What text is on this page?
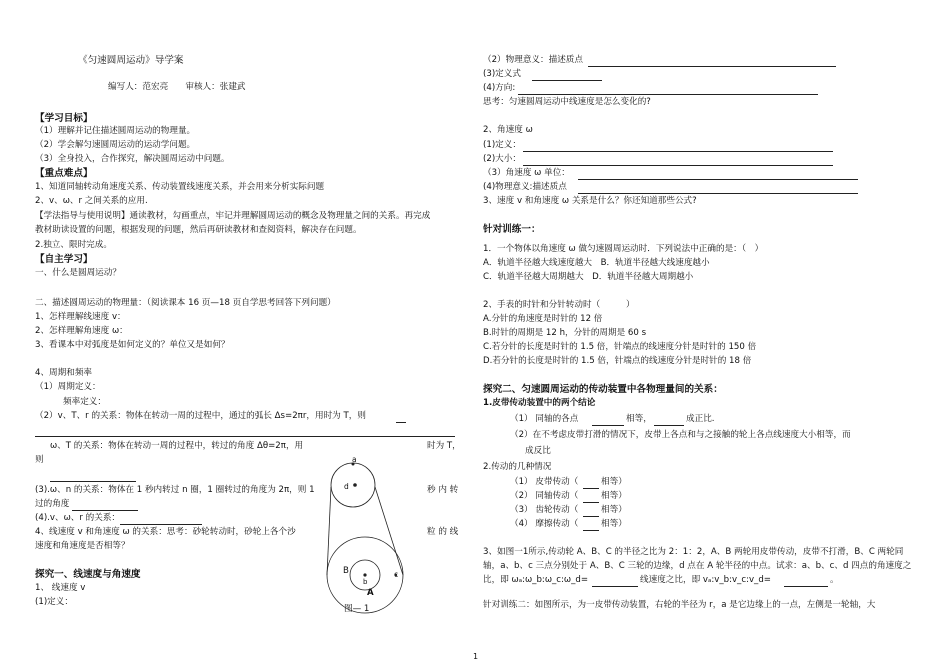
《匀速圆周运动》导学案
编写人：范宏亮　　审核人：张建武
【学习目标】
（1）理解并记住描述圆周运动的物理量。
（2）学会解匀速圆周运动的运动学问题。
（3）全身投入，合作探究，解决圆周运动中问题。
【重点难点】
1、知道同轴转动角速度关系、传动装置线速度关系，并会用来分析实际问题
2、v、ω、r 之间关系的应用.
【学法指导与使用说明】通读教材，勾画重点，牢记并理解圆周运动的概念及物理量之间的关系。再完成
教材助读设置的问题，根据发现的问题，然后再研读教材和查阅资料，解决存在问题。
2.独立、限时完成。
【自主学习】
一、什么是圆周运动？
二、描述圆周运动的物理量：（阅读课本 16 页—18 页自学思考回答下列问题）
1、怎样理解线速度 v：
2、怎样理解角速度 ω：
3、看课本中对弧度是如何定义的？单位又是如何？
4、周期和频率
（1）周期定义：
频率定义：
（2）v、T、r 的关系：物体在转动一周的过程中，通过的弧长 Δs=2πr，用时为 T，则
ω、T 的关系：物体在转动一周的过程中，转过的角度 Δθ=2π，用	时为 T，
则
(3).ω、n 的关系：物体在 1 秒内转过 n 圈，1 圈转过的角度为 2π，则 1	秒 内 转
过的角度
(4).v、ω、r 的关系：
4、线速度 v 和角速度 ω 的关系：思考：砂轮转动时，砂轮上各个沙	粒 的 线
速度和角速度是否相等？
探究一、线速度与角速度
1、 线速度 v
(1)定义：
a
d
B
b
c
A
图— 1
（2）物理意义：描述质点
(3)定义式
(4)方向:
思考：匀速圆周运动中线速度是怎么变化的?
2、角速度 ω
(1)定义：
(2)大小：
（3）角速度 ω 单位：
(4)物理意义:描述质点
3、速度 v 和角速度 ω 关系是什么？你还知道那些公式?
针对训练一：
1．一个物体以角速度 ω 做匀速圆周运动时．下列说法中正确的是：（　）
A．轨道半径越大线速度越大　B．轨道半径越大线速度越小
C．轨道半径越大周期越大　D．轨道半径越大周期越小
2、手表的时针和分针转动时（　　　）
A.分针的角速度是时针的 12 倍
B.时针的周期是 12 h，分针的周期是 60 s
C.若分针的长度是时针的 1.5 倍，针端点的线速度分针是时针的 150 倍
D.若分针的长度是时针的 1.5 倍，针端点的线速度分针是时针的 18 倍
探究二、匀速圆周运动的传动装置中各物理量间的关系：
1.皮带传动装置中的两个结论
（1） 同轴的各点	相等，	成正比.
（2）在不考虑皮带打滑的情况下，皮带上各点和与之接触的轮上各点线速度大小相等，而
成反比
2.传动的几种情况
（1） 皮带传动（	相等）
（2） 同轴传动（	相等）
（3） 齿轮传动（	相等）
（4） 摩擦传动（	相等）
3、如图一1所示,传动轮 A、B、C 的半径之比为 2：1：2，A、B 两轮用皮带传动，皮带不打滑，B、C 两轮同
轴，a、b、c 三点分别处于 A、B、C 三轮的边缘，d 点在 A 轮半径的中点。试求：a、b、c、d 四点的角速度之
比，即 ωₐ:ω_b:ω_c:ω_d=	线速度之比，即 vₐ:v_b:v_c:v_d=	。
针对训练二：如图所示，为一皮带传动装置，右轮的半径为 r，a 是它边缘上的一点，左侧是一轮轴，大
1
